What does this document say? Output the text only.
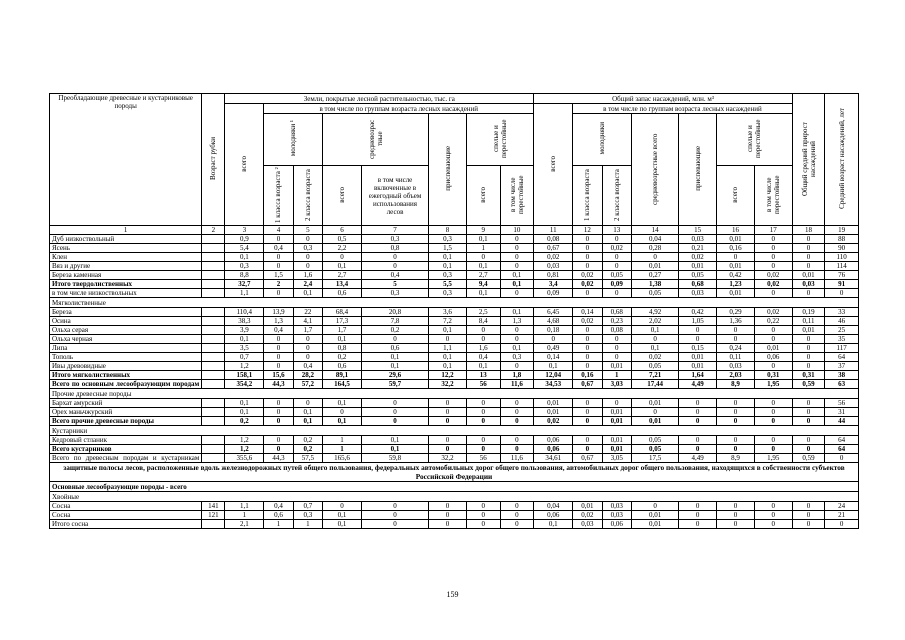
Преобладающие древесные и кустарниковые породы	Возраст рубки	Земли, покрытые лесной растительностью, тыс. га								Общий запас насаждений, млн. м³							Общий средний прирост насаждений	Средний возраст насаждений, лет
		всего	в том числе по группам возраста лесных насаждений							всего	в том числе по группам возраста лесных насаждений							
			молодняки ¹		средневозрас тные		приспевающие	спелые и перестойные			молодняки		средневозрастные всего	приспевающие	спелые и перестойные			
			1 класса возраста ²	2 класса возраста	всего	в том числе включенные в ежегодный объем использования лесов		всего	в том числе перестойные		1 класса возраста	2 класса возраста			всего	в том числе перестойные		
1	2	3	4	5	6	7	8	9	10	11	12	13	14	15	16	17	18	19
Дуб низкоствольный		0,9	0	0	0,5	0,3	0,3	0,1	0	0,08	0	0	0,04	0,03	0,01	0	0	88
Ясень		5,4	0,4	0,3	2,2	0,8	1,5	1	0	0,67	0	0,02	0,28	0,21	0,16	0	0	90
Клен		0,1	0	0	0	0	0,1	0	0	0,02	0	0	0	0,02	0	0	0	110
Вяз и другие		0,3	0	0	0,1	0	0,1	0,1	0	0,03	0	0	0,01	0,01	0,01	0	0	114
Береза каменная		8,8	1,5	1,6	2,7	0,4	0,3	2,7	0,1	0,81	0,02	0,05	0,27	0,05	0,42	0,02	0,01	76
Итого твердолиственных		32,7	2	2,4	13,4	5	5,5	9,4	0,1	3,4	0,02	0,09	1,38	0,68	1,23	0,02	0,03	91
в том числе низкоствольных		1,1	0	0,1	0,6	0,3	0,3	0,1	0	0,09	0	0	0,05	0,03	0,01	0	0	0
Мягколиственные																		
Береза		110,4	13,9	22	68,4	20,8	3,6	2,5	0,1	6,45	0,14	0,68	4,92	0,42	0,29	0,02	0,19	33
Осина		38,3	1,3	4,1	17,3	7,8	7,2	8,4	1,3	4,68	0,02	0,23	2,02	1,05	1,36	0,22	0,11	46
Ольха серая		3,9	0,4	1,7	1,7	0,2	0,1	0	0	0,18	0	0,08	0,1	0	0	0	0,01	25
Ольха черная		0,1	0	0	0,1	0	0	0	0	0	0	0	0	0	0	0	0	35
Липа		3,5	0	0	0,8	0,6	1,1	1,6	0,1	0,49	0	0	0,1	0,15	0,24	0,01	0	117
Тополь		0,7	0	0	0,2	0,1	0,1	0,4	0,3	0,14	0	0	0,02	0,01	0,11	0,06	0	64
Ивы древовидные		1,2	0	0,4	0,6	0,1	0,1	0,1	0	0,1	0	0,01	0,05	0,01	0,03	0	0	37
Итого мягколиственных		158,1	15,6	28,2	89,1	29,6	12,2	13	1,8	12,04	0,16	1	7,21	1,64	2,03	0,31	0,31	38
Всего по основным лесообразующим породам		354,2	44,3	57,2	164,5	59,7	32,2	56	11,6	34,53	0,67	3,03	17,44	4,49	8,9	1,95	0,59	63
Прочие древесные породы																		
Бархат амурский		0,1	0	0	0,1	0	0	0	0	0,01	0	0	0,01	0	0	0	0	56
Орех маньчжурский		0,1	0	0,1	0	0	0	0	0	0,01	0	0,01	0	0	0	0	0	31
Всего прочие древесные породы		0,2	0	0,1	0,1	0	0	0	0	0,02	0	0,01	0,01	0	0	0	0	44
Кустарники																		
Кедровый стланик		1,2	0	0,2	1	0,1	0	0	0	0,06	0	0,01	0,05	0	0	0	0	64
Всего кустарников		1,2	0	0,2	1	0,1	0	0	0	0,06	0	0,01	0,05	0	0	0	0	64
Всего по древесным породам и кустарникам		355,6	44,3	57,5	165,6	59,8	32,2	56	11,6	34,61	0,67	3,05	17,5	4,49	8,9	1,95	0,59	0
защитные полосы лесов, расположенные вдоль железнодорожных путей общего пользования, федеральных автомобильных дорог общего пользования, автомобильных дорог общего пользования, находящихся в собственности субъектов Российской Федерации																		
Основные лесообразующие породы - всего																		
Хвойные																		
Сосна	141	1,1	0,4	0,7	0	0	0	0	0	0,04	0,01	0,03	0	0	0	0	0	24
Сосна	121	1	0,6	0,3	0,1	0	0	0	0	0,06	0,02	0,03	0,01	0	0	0	0	21
Итого сосна		2,1	1	1	0,1	0	0	0	0	0,1	0,03	0,06	0,01	0	0	0	0	0
159
